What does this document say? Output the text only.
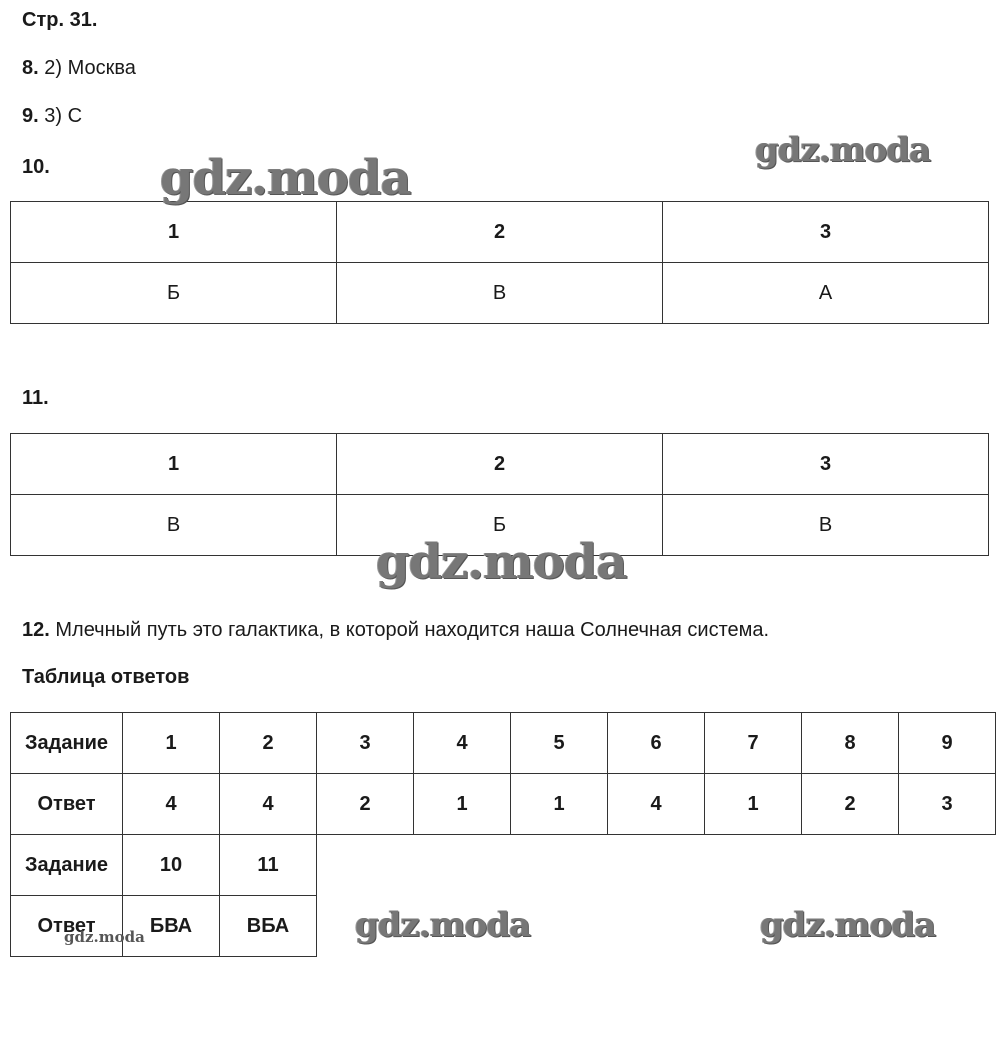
Стр. 31.
8. 2) Москва
9. 3) С
10.
1	2	3
Б	В	А
11.
1	2	3
В	Б	В
12. Млечный путь это галактика, в которой находится наша Солнечная система.
Таблица ответов
Задание	1	2	3	4	5	6	7	8	9
Ответ	4	4	2	1	1	4	1	2	3
Задание	10	11							
Ответ	БВА	ВБА							
gdz.moda	gdz.moda
gdz.moda
gdz.moda	gdz.moda
gdz.moda
